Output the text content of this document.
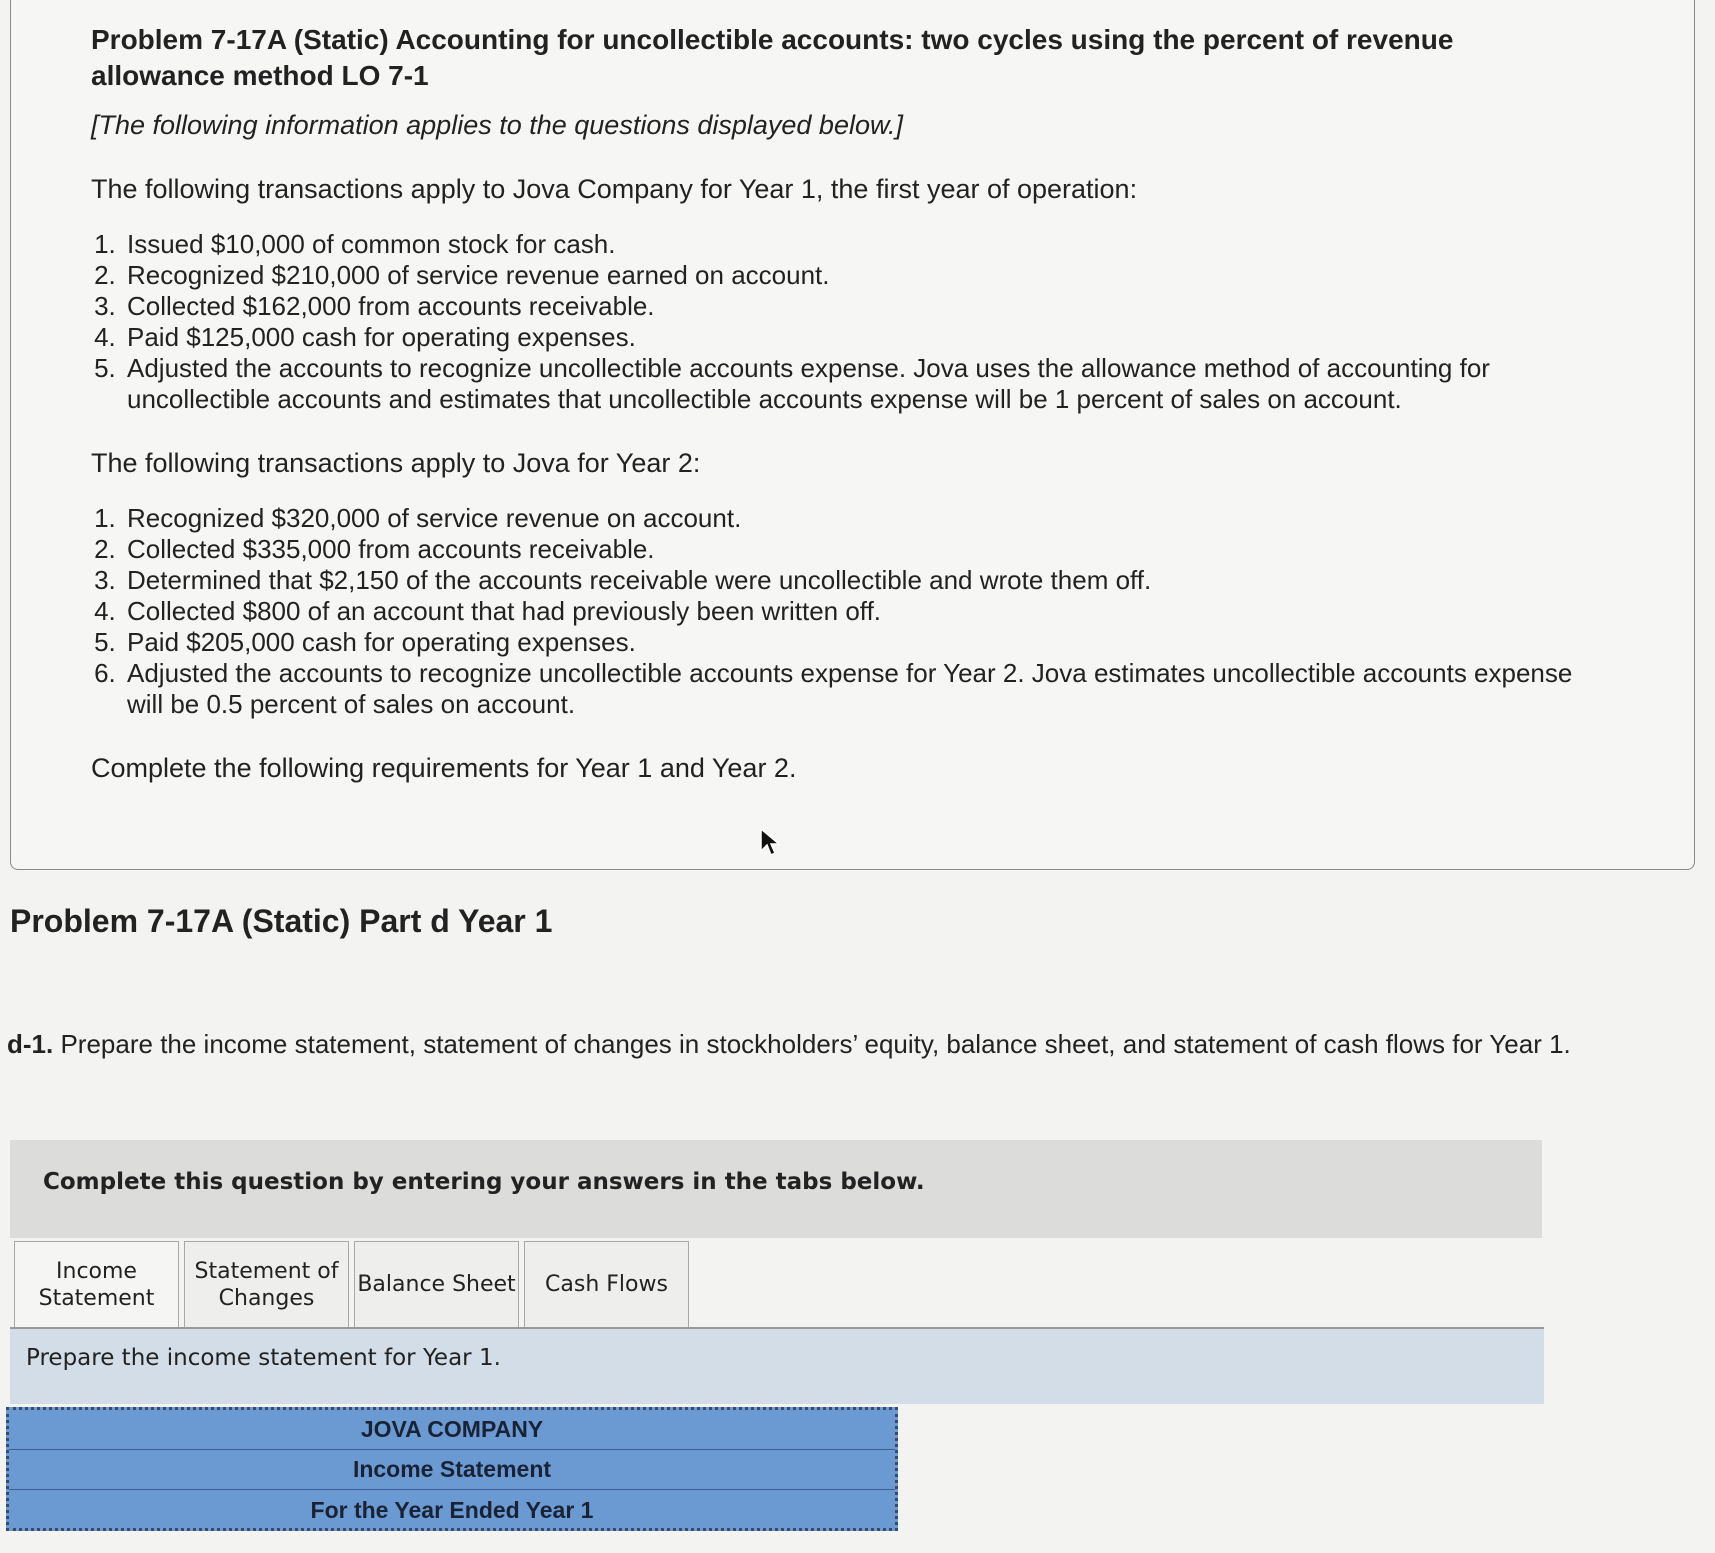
Problem 7-17A (Static) Accounting for uncollectible accounts: two cycles using the percent of revenue
allowance method LO 7-1
[The following information applies to the questions displayed below.]
The following transactions apply to Jova Company for Year 1, the first year of operation:
1. Issued $10,000 of common stock for cash.
2. Recognized $210,000 of service revenue earned on account.
3. Collected $162,000 from accounts receivable.
4. Paid $125,000 cash for operating expenses.
5. Adjusted the accounts to recognize uncollectible accounts expense. Jova uses the allowance method of accounting for uncollectible accounts and estimates that uncollectible accounts expense will be 1 percent of sales on account.
The following transactions apply to Jova for Year 2:
1. Recognized $320,000 of service revenue on account.
2. Collected $335,000 from accounts receivable.
3. Determined that $2,150 of the accounts receivable were uncollectible and wrote them off.
4. Collected $800 of an account that had previously been written off.
5. Paid $205,000 cash for operating expenses.
6. Adjusted the accounts to recognize uncollectible accounts expense for Year 2. Jova estimates uncollectible accounts expense will be 0.5 percent of sales on account.
Complete the following requirements for Year 1 and Year 2.
Problem 7-17A (Static) Part d Year 1
d-1. Prepare the income statement, statement of changes in stockholders’ equity, balance sheet, and statement of cash flows for Year 1.
Complete this question by entering your answers in the tabs below.
Income
Statement
Statement of
Changes
Balance Sheet Cash Flows
Prepare the income statement for Year 1.
JOVA COMPANY
Income Statement
For the Year Ended Year 1
